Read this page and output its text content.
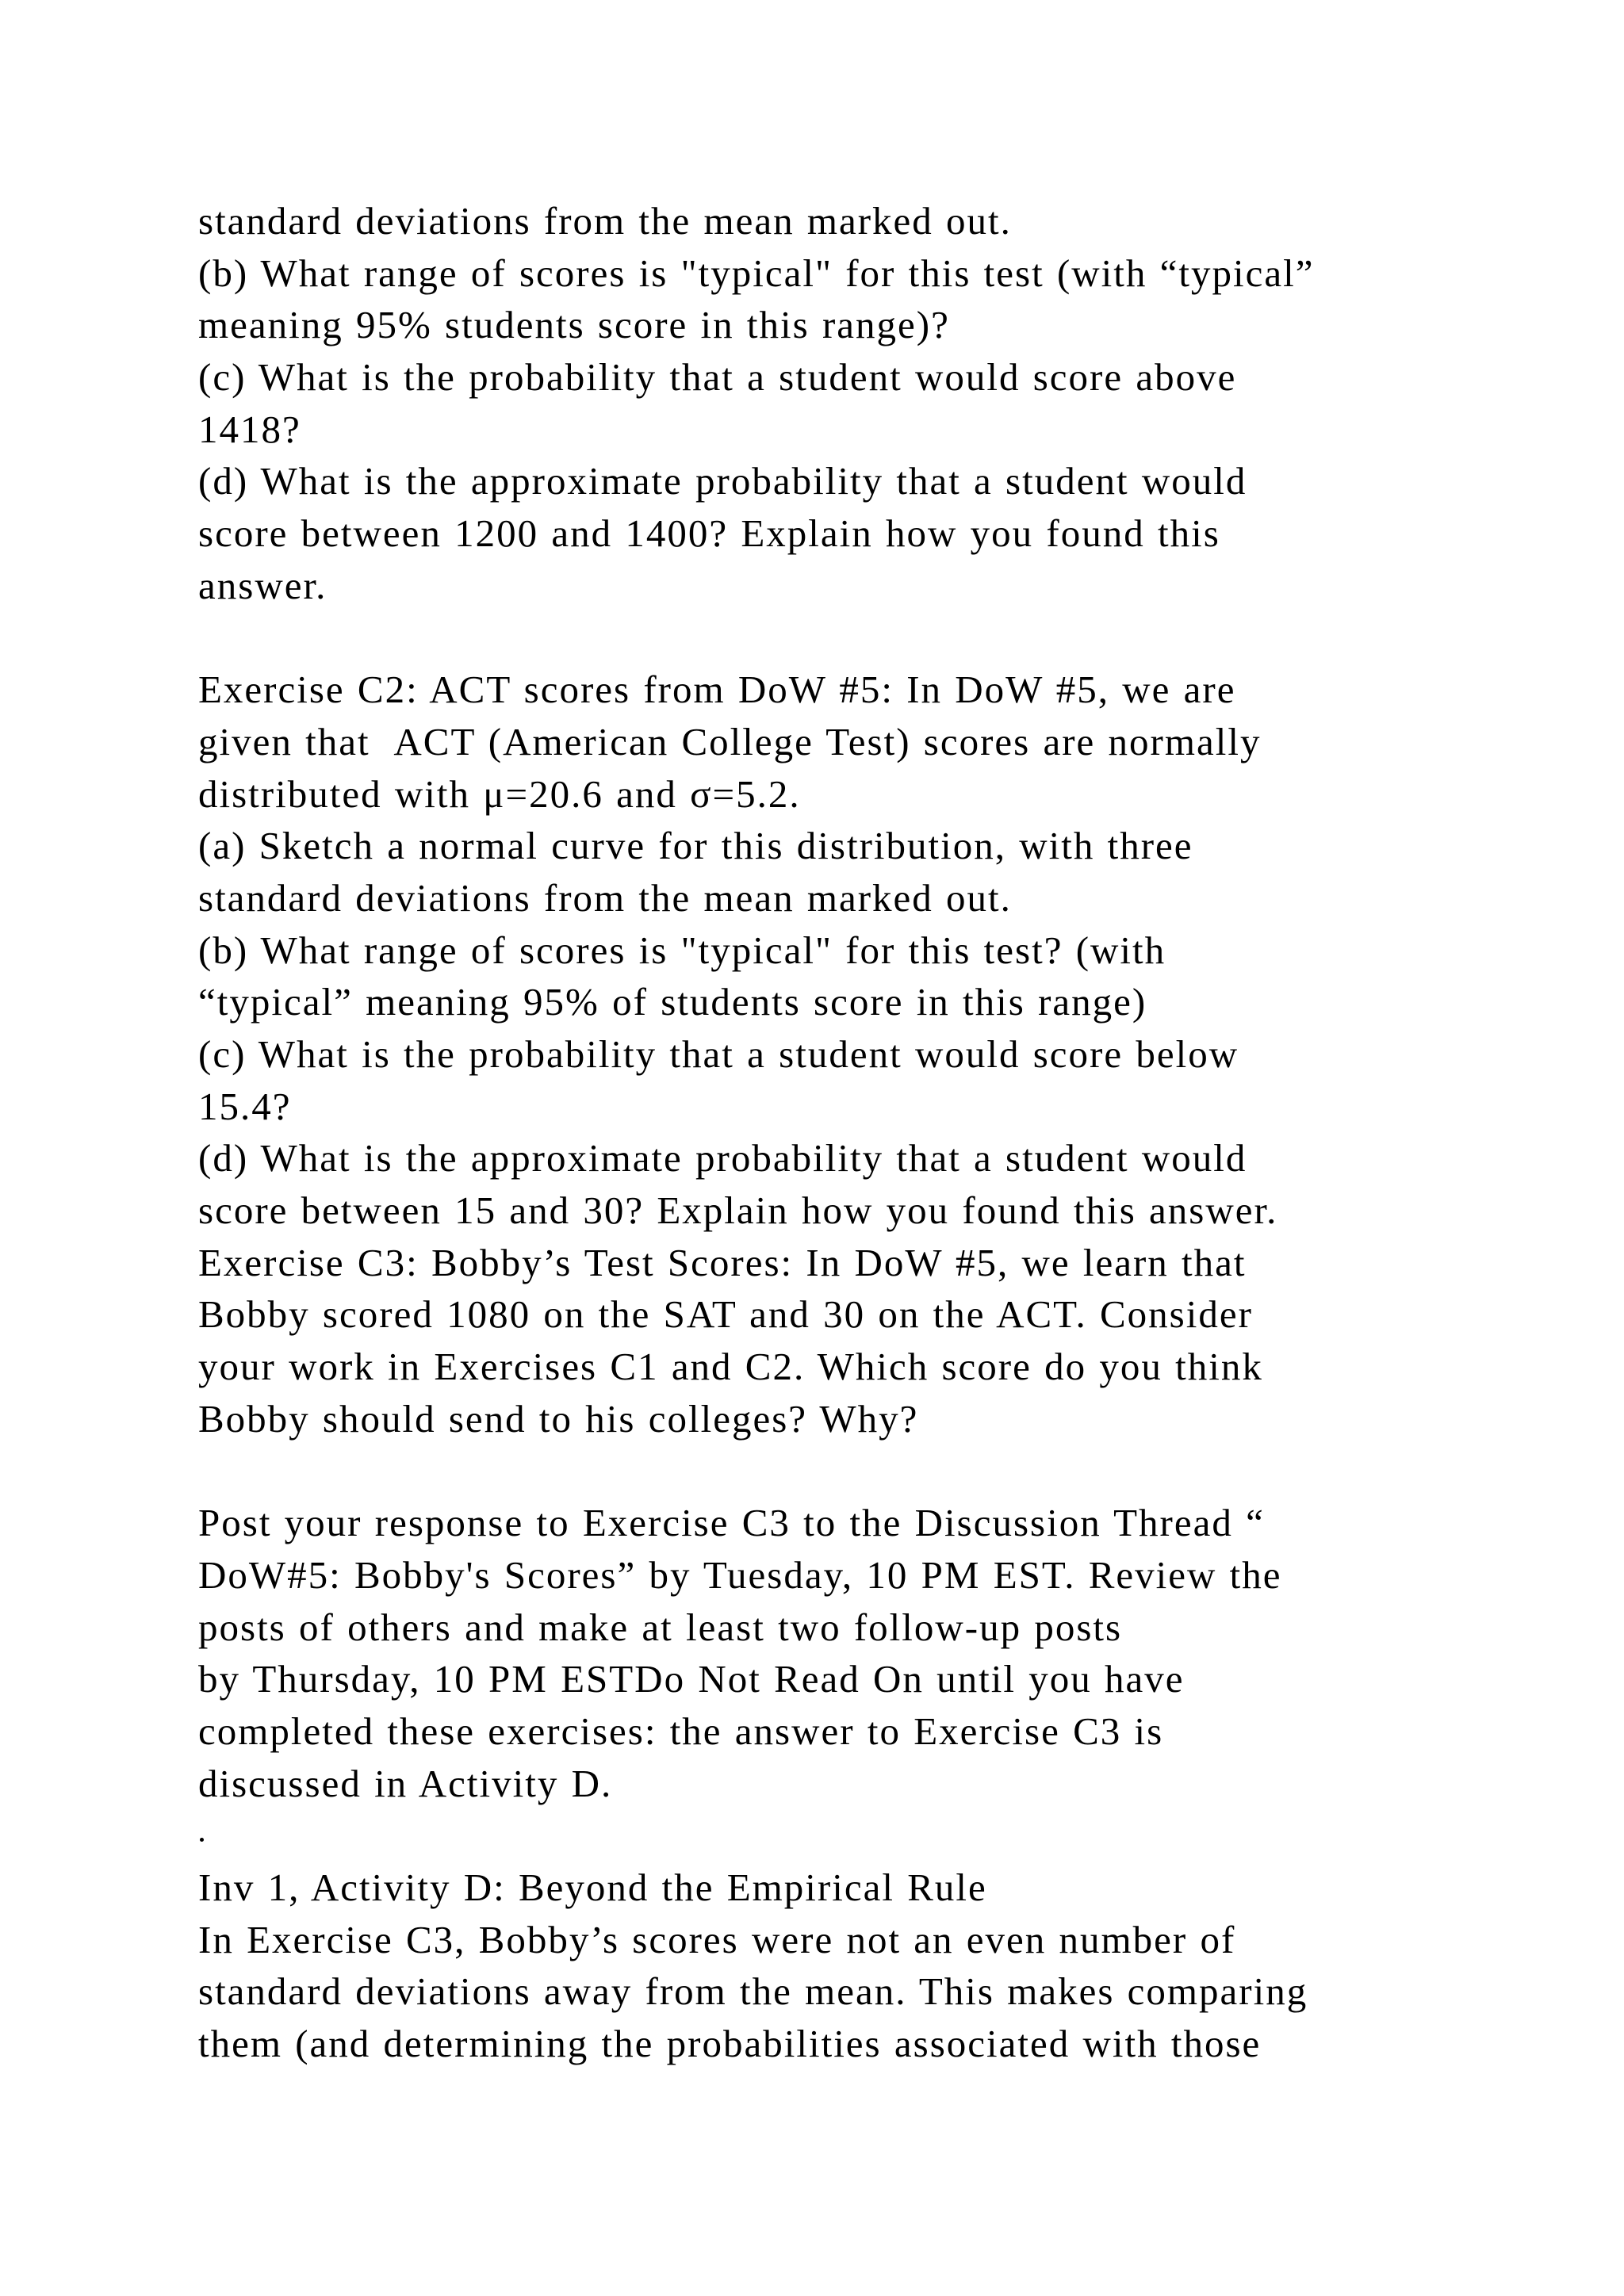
standard deviations from the mean marked out.
(b) What range of scores is "typical" for this test (with “typical”
meaning 95% students score in this range)?
(c) What is the probability that a student would score above
1418?
(d) What is the approximate probability that a student would
score between 1200 and 1400? Explain how you found this
answer.
Exercise C2: ACT scores from DoW #5: In DoW #5, we are
given that  ACT (American College Test) scores are normally
distributed with μ=20.6 and σ=5.2.
(a) Sketch a normal curve for this distribution, with three
standard deviations from the mean marked out.
(b) What range of scores is "typical" for this test? (with
“typical” meaning 95% of students score in this range)
(c) What is the probability that a student would score below
15.4?
(d) What is the approximate probability that a student would
score between 15 and 30? Explain how you found this answer.
Exercise C3: Bobby’s Test Scores: In DoW #5, we learn that
Bobby scored 1080 on the SAT and 30 on the ACT. Consider
your work in Exercises C1 and C2. Which score do you think
Bobby should send to his colleges? Why?
Post your response to Exercise C3 to the Discussion Thread “
DoW#5: Bobby's Scores” by Tuesday, 10 PM EST. Review the
posts of others and make at least two follow-up posts
by Thursday, 10 PM ESTDo Not Read On until you have
completed these exercises: the answer to Exercise C3 is
discussed in Activity D.
Inv 1, Activity D: Beyond the Empirical Rule
In Exercise C3, Bobby’s scores were not an even number of
standard deviations away from the mean. This makes comparing
them (and determining the probabilities associated with those
